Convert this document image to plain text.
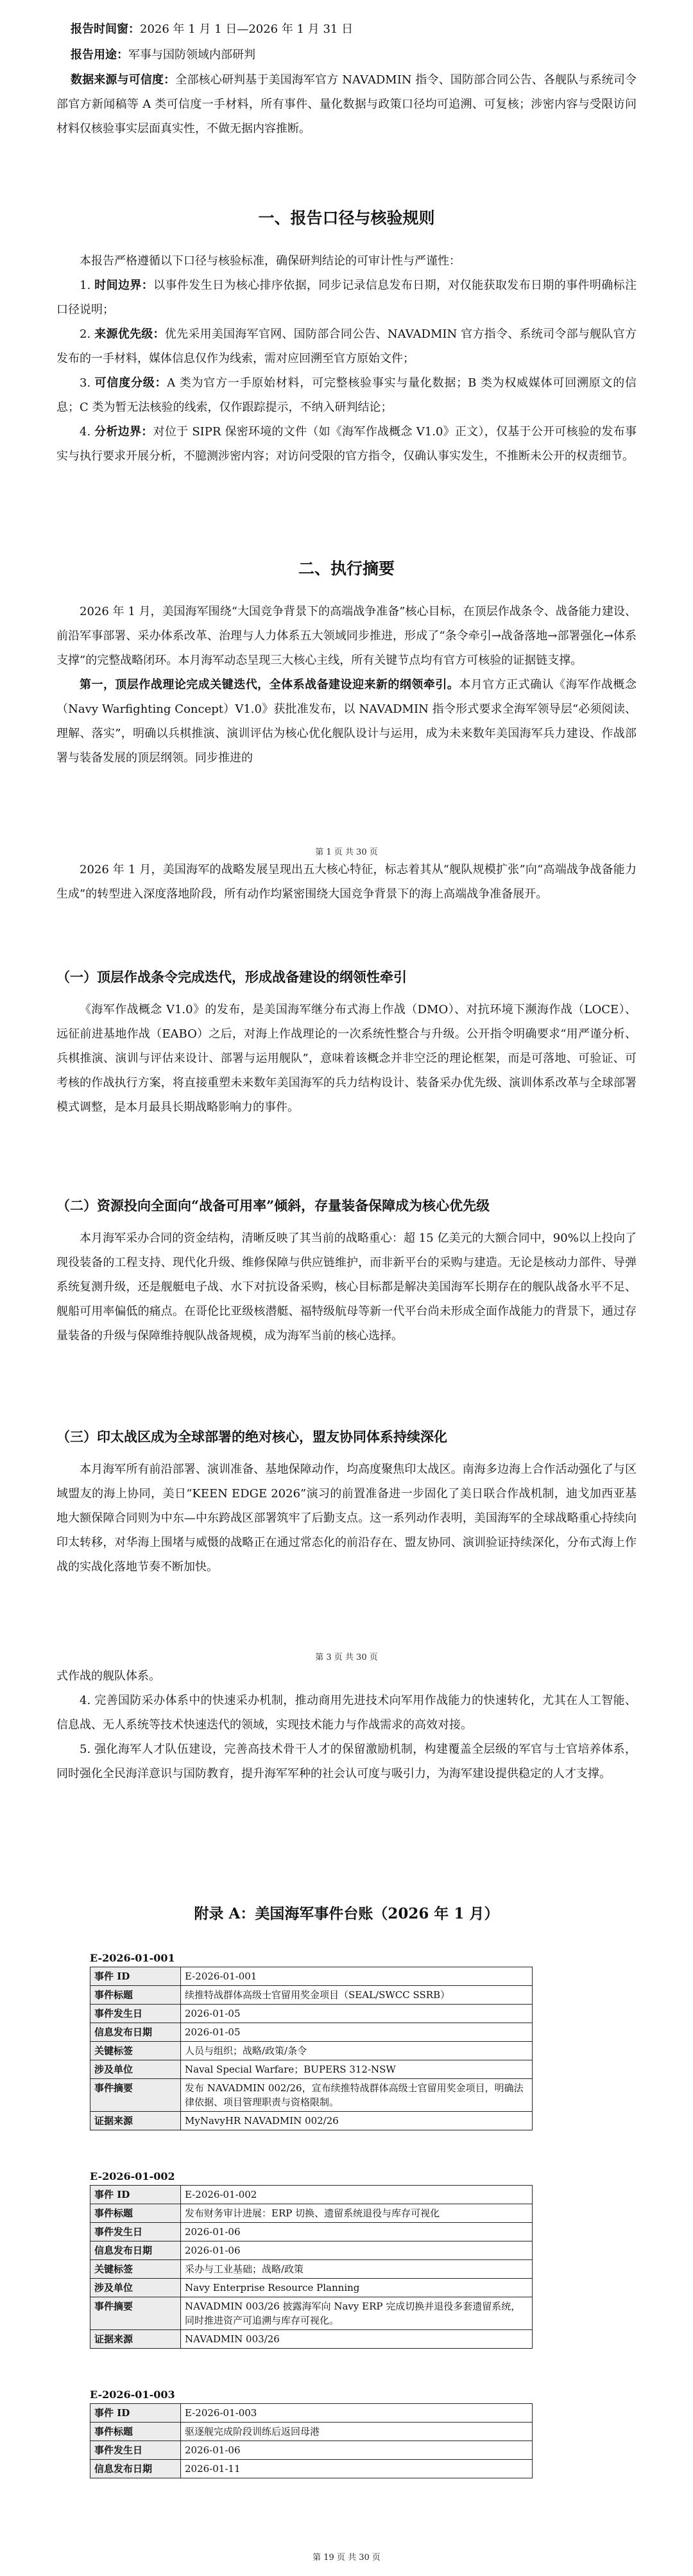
报告时间窗：2026 年 1 月 1 日—2026 年 1 月 31 日
报告用途：军事与国防领域内部研判

数据来源与可信度：全部核心研判基于美国海军官方 NAVADMIN 指令、国防部合同公告、各舰队与系统司令部官方新闻稿等 A 类可信度一手材料，所有事件、量化数据与政策口径均可追溯、可复核；涉密内容与受限访问材料仅核验事实层面真实性，不做无据内容推断。

一、报告口径与核验规则

本报告严格遵循以下口径与核验标准，确保研判结论的可审计性与严谨性：

1. 时间边界：以事件发生日为核心排序依据，同步记录信息发布日期，对仅能获取发布日期的事件明确标注口径说明；

2. 来源优先级：优先采用美国海军官网、国防部合同公告、NAVADMIN 官方指令、系统司令部与舰队官方发布的一手材料，媒体信息仅作为线索，需对应回溯至官方原始文件；

3. 可信度分级：A 类为官方一手原始材料，可完整核验事实与量化数据；B 类为权威媒体可回溯原文的信息；C 类为暂无法核验的线索，仅作跟踪提示，不纳入研判结论；

4. 分析边界：对位于 SIPR 保密环境的文件（如《海军作战概念 V1.0》正文），仅基于公开可核验的发布事实与执行要求开展分析，不臆测涉密内容；对访问受限的官方指令，仅确认事实发生，不推断未公开的权责细节。

二、执行摘要

2026 年 1 月，美国海军围绕“大国竞争背景下的高端战争准备”核心目标，在顶层作战条令、战备能力建设、前沿军事部署、采办体系改革、治理与人力体系五大领域同步推进，形成了“条令牵引→战备落地→部署强化→体系支撑”的完整战略闭环。本月海军动态呈现三大核心主线，所有关键节点均有官方可核验的证据链支撑。

第一，顶层作战理论完成关键迭代，全体系战备建设迎来新的纲领牵引。本月官方正式确认《海军作战概念（Navy Warfighting Concept）V1.0》获批准发布，以 NAVADMIN 指令形式要求全海军领导层“必须阅读、理解、落实”，明确以兵棋推演、演训评估为核心优化舰队设计与运用，成为未来数年美国海军兵力建设、作战部署与装备发展的顶层纲领。同步推进的

第 1 页 共 30 页

2026 年 1 月，美国海军的战略发展呈现出五大核心特征，标志着其从“舰队规模扩张”向“高端战争战备能力生成”的转型进入深度落地阶段，所有动作均紧密围绕大国竞争背景下的海上高端战争准备展开。

（一）顶层作战条令完成迭代，形成战备建设的纲领性牵引

《海军作战概念 V1.0》的发布，是美国海军继分布式海上作战（DMO）、对抗环境下濒海作战（LOCE）、远征前进基地作战（EABO）之后，对海上作战理论的一次系统性整合与升级。公开指令明确要求“用严谨分析、兵棋推演、演训与评估来设计、部署与运用舰队”，意味着该概念并非空泛的理论框架，而是可落地、可验证、可考核的作战执行方案，将直接重塑未来数年美国海军的兵力结构设计、装备采办优先级、演训体系改革与全球部署模式调整，是本月最具长期战略影响力的事件。

（二）资源投向全面向“战备可用率”倾斜，存量装备保障成为核心优先级

本月海军采办合同的资金结构，清晰反映了其当前的战略重心：超 15 亿美元的大额合同中，90%以上投向了现役装备的工程支持、现代化升级、维修保障与供应链维护，而非新平台的采购与建造。无论是核动力部件、导弹系统复测升级，还是舰艇电子战、水下对抗设备采购，核心目标都是解决美国海军长期存在的舰队战备水平不足、舰船可用率偏低的痛点。在哥伦比亚级核潜艇、福特级航母等新一代平台尚未形成全面作战能力的背景下，通过存量装备的升级与保障维持舰队战备规模，成为海军当前的核心选择。

（三）印太战区成为全球部署的绝对核心，盟友协同体系持续深化

本月海军所有前沿部署、演训准备、基地保障动作，均高度聚焦印太战区。南海多边海上合作活动强化了与区域盟友的海上协同，美日“KEEN EDGE 2026”演习的前置准备进一步固化了美日联合作战机制，迪戈加西亚基地大额保障合同则为中东—中东跨战区部署筑牢了后勤支点。这一系列动作表明，美国海军的全球战略重心持续向印太转移，对华海上围堵与威慑的战略正在通过常态化的前沿存在、盟友协同、演训验证持续深化，分布式海上作战的实战化落地节奏不断加快。

第 3 页 共 30 页

式作战的舰队体系。

4. 完善国防采办体系中的快速采办机制，推动商用先进技术向军用作战能力的快速转化，尤其在人工智能、信息战、无人系统等技术快速迭代的领域，实现技术能力与作战需求的高效对接。

5. 强化海军人才队伍建设，完善高技术骨干人才的保留激励机制，构建覆盖全层级的军官与士官培养体系，同时强化全民海洋意识与国防教育，提升海军军种的社会认可度与吸引力，为海军建设提供稳定的人才支撑。

附录 A：美国海军事件台账（2026 年 1 月）

E-2026-01-001

事件 ID	E-2026-01-001
事件标题	续推特战群体高级士官留用奖金项目（SEAL/SWCC SSRB）
事件发生日	2026-01-05
信息发布日期	2026-01-05
关键标签	人员与组织；战略/政策/条令
涉及单位	Naval Special Warfare；BUPERS 312-NSW
事件摘要	发布 NAVADMIN 002/26，宣布续推特战群体高级士官留用奖金项目，明确法律依据、项目管理职责与资格限制。
证据来源	MyNavyHR NAVADMIN 002/26

E-2026-01-002

事件 ID	E-2026-01-002
事件标题	发布财务审计进展：ERP 切换、遗留系统退役与库存可视化
事件发生日	2026-01-06
信息发布日期	2026-01-06
关键标签	采办与工业基础；战略/政策
涉及单位	Navy Enterprise Resource Planning
事件摘要	NAVADMIN 003/26 披露海军向 Navy ERP 完成切换并退役多套遗留系统，同时推进资产可追溯与库存可视化。
证据来源	NAVADMIN 003/26

E-2026-01-003

事件 ID	E-2026-01-003
事件标题	驱逐舰完成阶段训练后返回母港
事件发生日	2026-01-06
信息发布日期	2026-01-11
第 19 页 共 30 页
